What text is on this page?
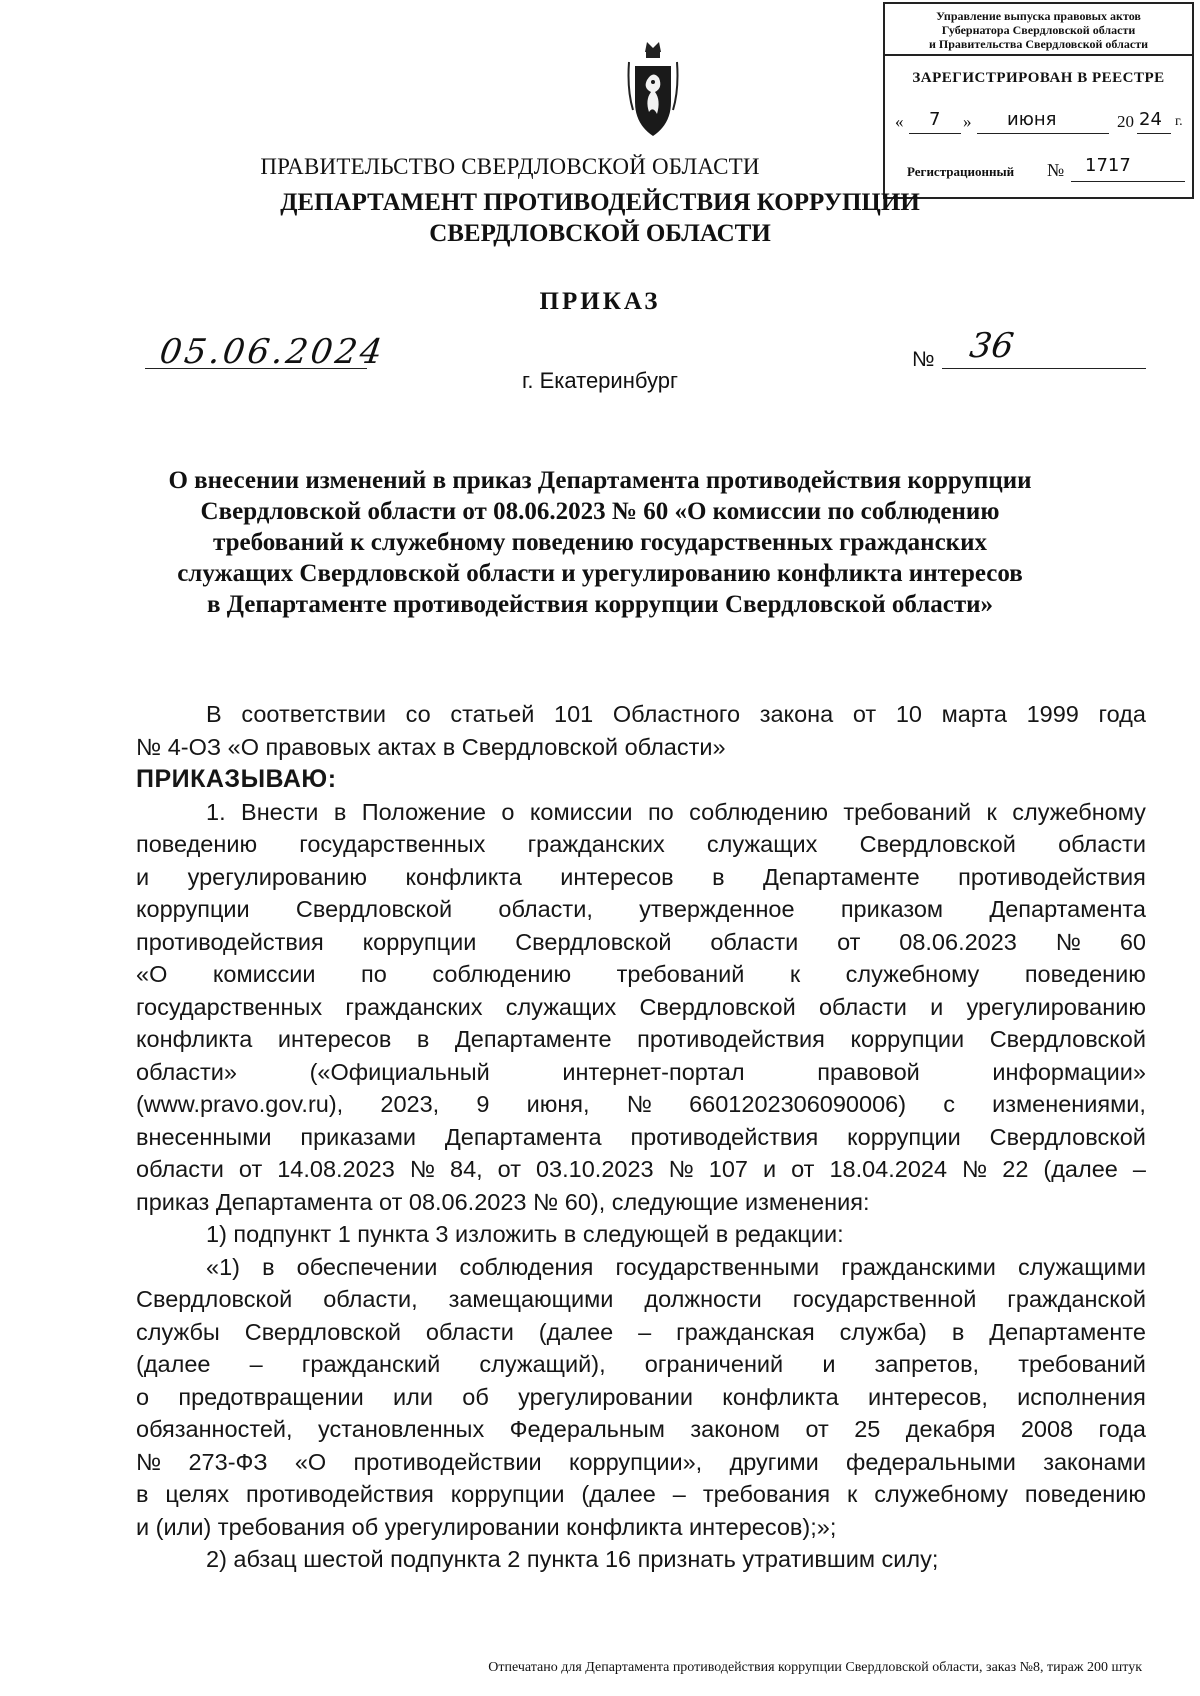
Управление выпуска правовых актов
Губернатора Свердловской области
и Правительства Свердловской области
ЗАРЕГИСТРИРОВАН В РЕЕСТРЕ
« 7 » июня	20 24 г.
Регистрационный № 1717
ПРАВИТЕЛЬСТВО СВЕРДЛОВСКОЙ ОБЛАСТИ
ДЕПАРТАМЕНТ ПРОТИВОДЕЙСТВИЯ КОРРУПЦИИ
СВЕРДЛОВСКОЙ ОБЛАСТИ
ПРИКАЗ
05.06.2024	№ 36
г. Екатеринбург
О внесении изменений в приказ Департамента противодействия коррупции
Свердловской области от 08.06.2023 № 60 «О комиссии по соблюдению
требований к служебному поведению государственных гражданских
служащих Свердловской области и урегулированию конфликта интересов
в Департаменте противодействия коррупции Свердловской области»
В соответствии со статьей 101 Областного закона от 10 марта 1999 года
№ 4-ОЗ «О правовых актах в Свердловской области»
ПРИКАЗЫВАЮ:
1. Внести в Положение о комиссии по соблюдению требований к служебному
поведению государственных гражданских служащих Свердловской области
и урегулированию конфликта интересов в Департаменте противодействия
коррупции Свердловской области, утвержденное приказом Департамента
противодействия коррупции Свердловской области от 08.06.2023 № 60
«О комиссии по соблюдению требований к служебному поведению
государственных гражданских служащих Свердловской области и урегулированию
конфликта интересов в Департаменте противодействия коррупции Свердловской
области»	(«Официальный	интернет-портал	правовой	информации»
(www.pravo.gov.ru), 2023, 9 июня, № 6601202306090006) с изменениями,
внесенными приказами Департамента противодействия коррупции Свердловской
области от 14.08.2023 № 84, от 03.10.2023 № 107 и от 18.04.2024 № 22 (далее –
приказ Департамента от 08.06.2023 № 60), следующие изменения:
1) подпункт 1 пункта 3 изложить в следующей в редакции:
«1) в обеспечении соблюдения государственными гражданскими служащими
Свердловской области, замещающими должности государственной гражданской
службы Свердловской области (далее – гражданская служба) в Департаменте
(далее – гражданский служащий), ограничений и запретов, требований
о предотвращении или об урегулировании конфликта интересов, исполнения
обязанностей, установленных Федеральным законом от 25 декабря 2008 года
№ 273-ФЗ «О противодействии коррупции», другими федеральными законами
в целях противодействия коррупции (далее – требования к служебному поведению
и (или) требования об урегулировании конфликта интересов);»;
2) абзац шестой подпункта 2 пункта 16 признать утратившим силу;
Отпечатано для Департамента противодействия коррупции Свердловской области, заказ №8, тираж 200 штук
